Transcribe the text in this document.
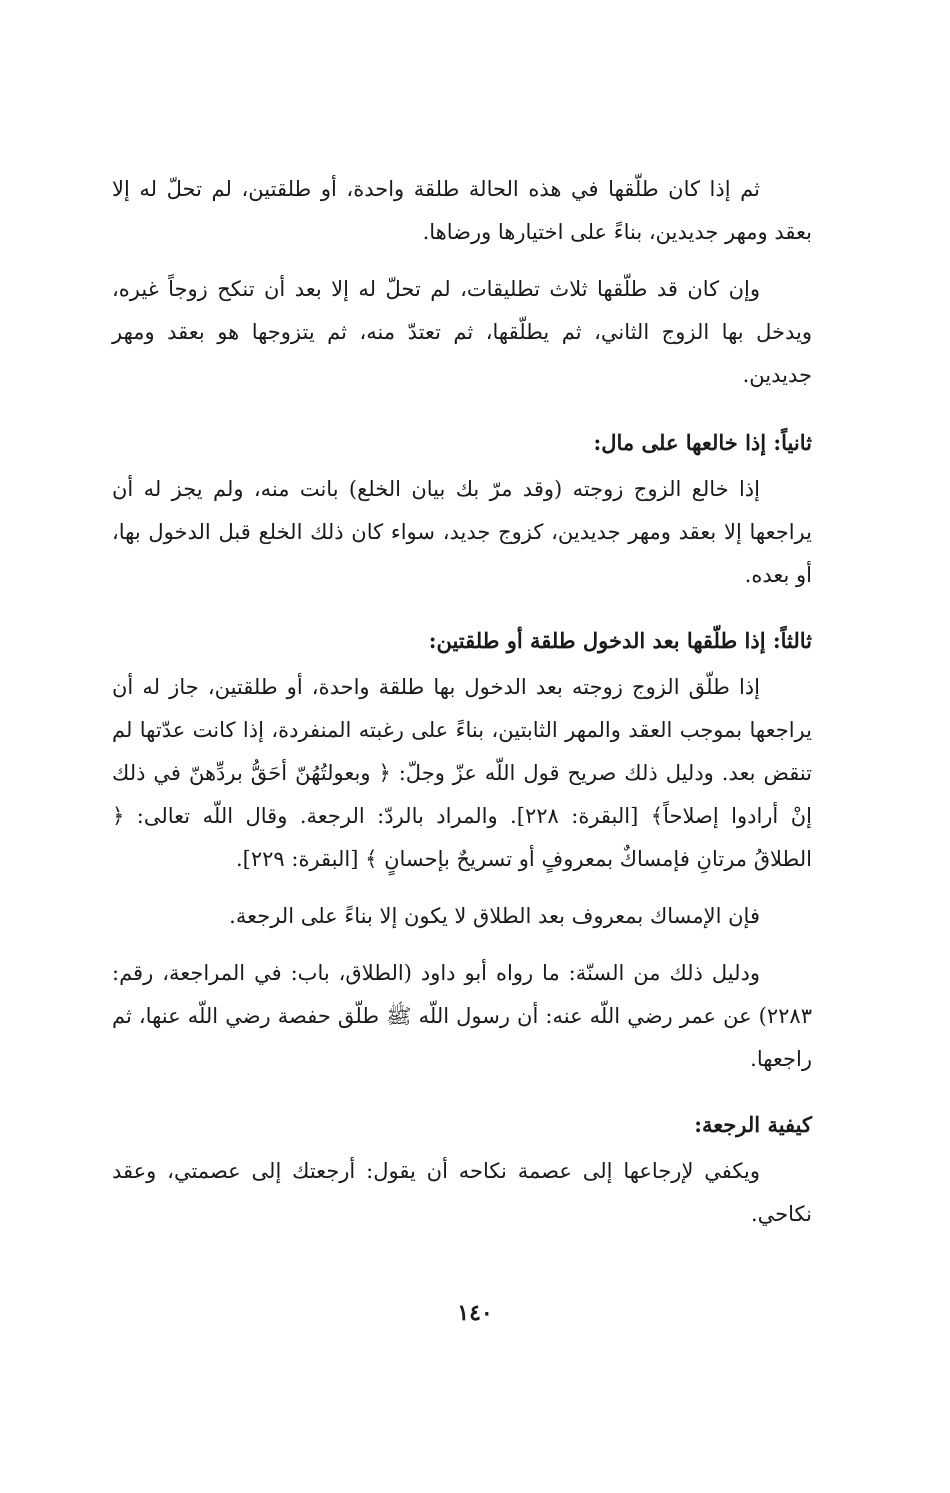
ثم إذا كان طلّقها في هذه الحالة طلقة واحدة، أو طلقتين، لم تحلّ له إلا بعقد ومهر جديدين، بناءً على اختيارها ورضاها.

وإن كان قد طلّقها ثلاث تطليقات، لم تحلّ له إلا بعد أن تنكح زوجاً غيره، ويدخل بها الزوج الثاني، ثم يطلّقها، ثم تعتدّ منه، ثم يتزوجها هو بعقد ومهر جديدين.

ثانياً: إذا خالعها على مال:

إذا خالع الزوج زوجته (وقد مرّ بك بيان الخلع) بانت منه، ولم يجز له أن يراجعها إلا بعقد ومهر جديدين، كزوج جديد، سواء كان ذلك الخلع قبل الدخول بها، أو بعده.

ثالثاً: إذا طلّقها بعد الدخول طلقة أو طلقتين:

إذا طلّق الزوج زوجته بعد الدخول بها طلقة واحدة، أو طلقتين، جاز له أن يراجعها بموجب العقد والمهر الثابتين، بناءً على رغبته المنفردة، إذا كانت عدّتها لم تنقض بعد. ودليل ذلك صريح قول اللّه عزّ وجلّ: ﴿ وبعولتُهُنّ أحَقُّ بردِّهنّ في ذلك إنْ أرادوا إصلاحاً﴾ [البقرة: ٢٢٨]. والمراد بالردّ: الرجعة. وقال اللّه تعالى: ﴿ الطلاقُ مرتانِ فإمساكٌ بمعروفٍ أو تسريحٌ بإحسانٍ ﴾ [البقرة: ٢٢٩].

فإن الإمساك بمعروف بعد الطلاق لا يكون إلا بناءً على الرجعة.

ودليل ذلك من السنّة: ما رواه أبو داود (الطلاق، باب: في المراجعة، رقم: ٢٢٨٣) عن عمر رضي اللّه عنه: أن رسول اللّه ﷺ طلّق حفصة رضي اللّه عنها، ثم راجعها.

كيفية الرجعة:

ويكفي لإرجاعها إلى عصمة نكاحه أن يقول: أرجعتك إلى عصمتي، وعقد نكاحي.

١٤٠
